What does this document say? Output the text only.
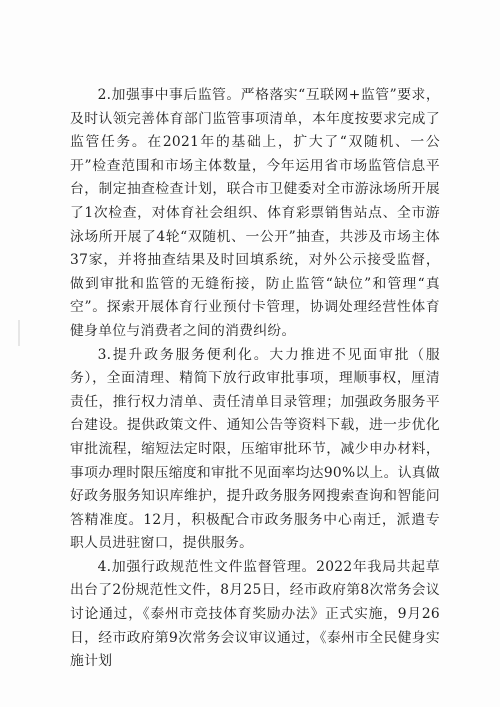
2.加强事中事后监管。严格落实“互联网+监管”要求，及时认领完善体育部门监管事项清单，本年度按要求完成了监管任务。在2021年的基础上，扩大了“双随机、一公开”检查范围和市场主体数量，今年运用省市场监管信息平台，制定抽查检查计划，联合市卫健委对全市游泳场所开展了1次检查，对体育社会组织、体育彩票销售站点、全市游泳场所开展了4轮“双随机、一公开”抽查，共涉及市场主体37家，并将抽查结果及时回填系统，对外公示接受监督，做到审批和监管的无缝衔接，防止监管“缺位”和管理“真空”。探索开展体育行业预付卡管理，协调处理经营性体育健身单位与消费者之间的消费纠纷。

3.提升政务服务便利化。大力推进不见面审批（服务），全面清理、精简下放行政审批事项，理顺事权，厘清责任，推行权力清单、责任清单目录管理；加强政务服务平台建设。提供政策文件、通知公告等资料下载，进一步优化审批流程，缩短法定时限，压缩审批环节，减少申办材料，事项办理时限压缩度和审批不见面率均达90%以上。认真做好政务服务知识库维护，提升政务服务网搜索查询和智能问答精准度。12月，积极配合市政务服务中心南迁，派遣专职人员进驻窗口，提供服务。

4.加强行政规范性文件监督管理。2022年我局共起草出台了2份规范性文件，8月25日，经市政府第8次常务会议讨论通过，《泰州市竞技体育奖励办法》正式实施，9月26日，经市政府第9次常务会议审议通过，《泰州市全民健身实施计划
